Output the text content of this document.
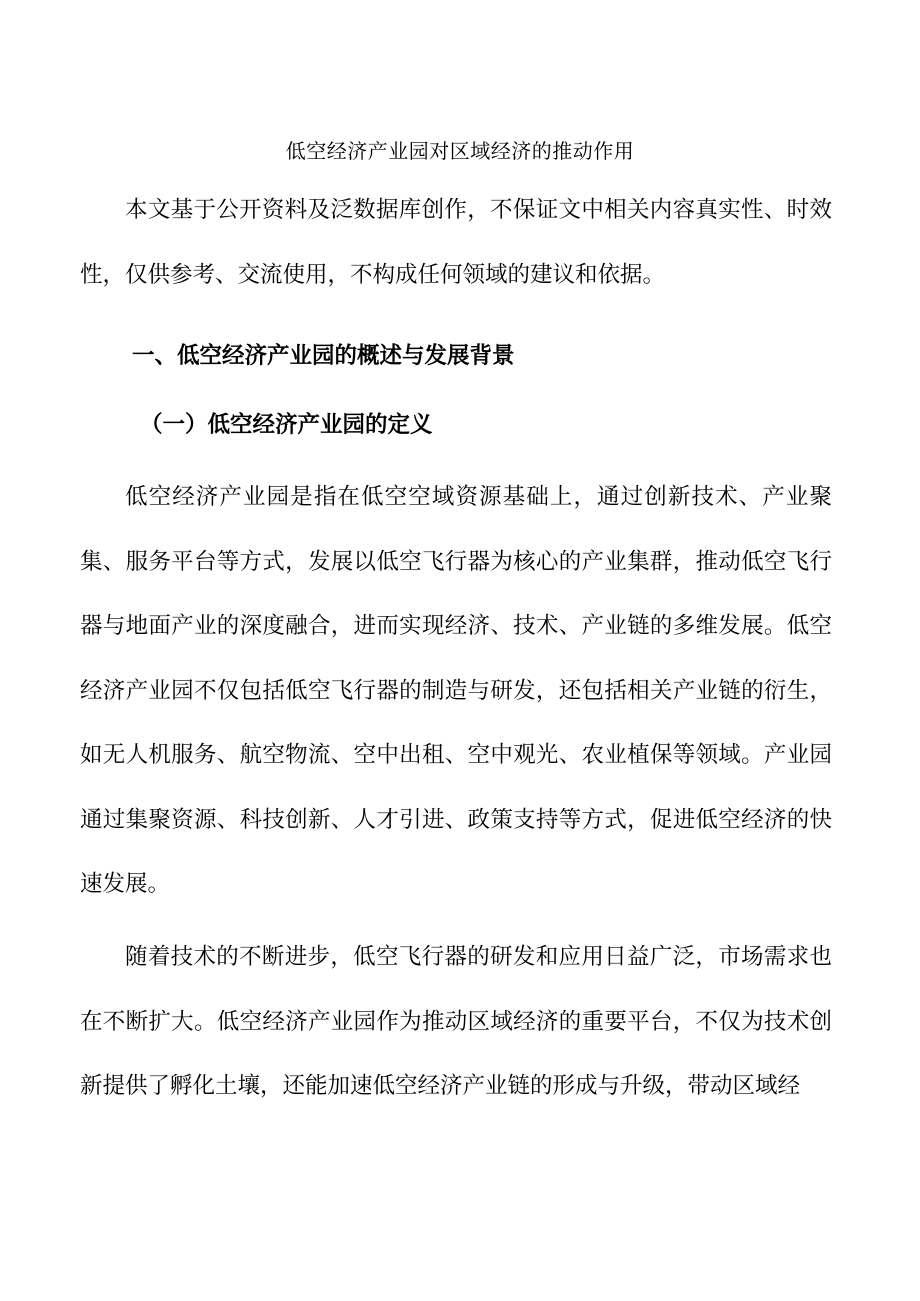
低空经济产业园对区域经济的推动作用

本文基于公开资料及泛数据库创作，不保证文中相关内容真实性、时效性，仅供参考、交流使用，不构成任何领域的建议和依据。

一、低空经济产业园的概述与发展背景
（一）低空经济产业园的定义

低空经济产业园是指在低空空域资源基础上，通过创新技术、产业聚集、服务平台等方式，发展以低空飞行器为核心的产业集群，推动低空飞行器与地面产业的深度融合，进而实现经济、技术、产业链的多维发展。低空经济产业园不仅包括低空飞行器的制造与研发，还包括相关产业链的衍生，如无人机服务、航空物流、空中出租、空中观光、农业植保等领域。产业园通过集聚资源、科技创新、人才引进、政策支持等方式，促进低空经济的快速发展。

随着技术的不断进步，低空飞行器的研发和应用日益广泛，市场需求也在不断扩大。低空经济产业园作为推动区域经济的重要平台，不仅为技术创新提供了孵化土壤，还能加速低空经济产业链的形成与升级，带动区域经
